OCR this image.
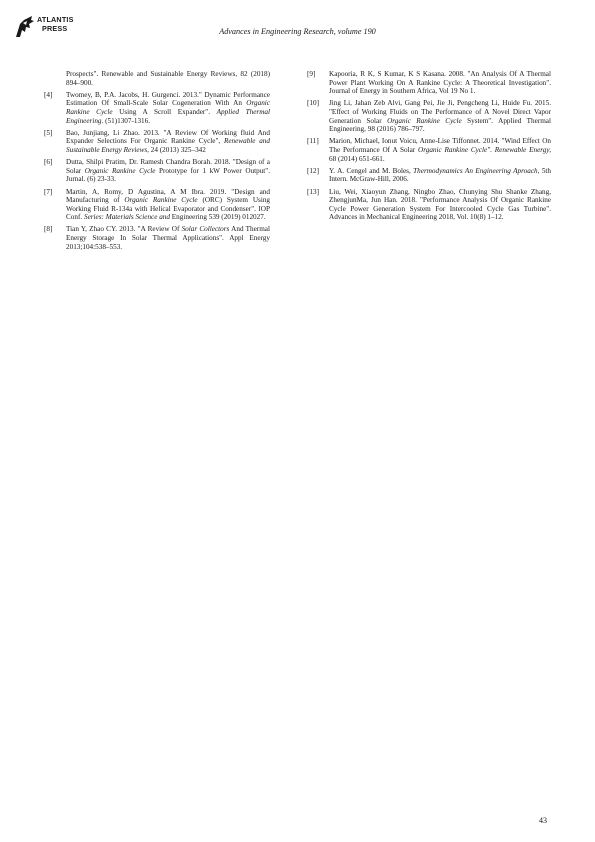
ATLANTIS
PRESS	Advances in Engineering Research, volume 190
Prospects". Renewable and Sustainable Energy Reviews, 82 (2018) 894–900.
[4] Twomey, B, P.A. Jacobs, H. Gurgenci. 2013." Dynamic Performance Estimation Of Small-Scale Solar Cogeneration With An Organic Rankine Cycle Using A Scroll Expander". Applied Thermal Engineering. (51)1307-1316.
[5] Bao, Junjiang, Li Zhao. 2013. "A Review Of Working fluid And Expander Selections For Organic Rankine Cycle", Renewable and Sustainable Energy Reviews, 24 (2013) 325–342
[6] Dutta, Shilpi Pratim, Dr. Ramesh Chandra Borah. 2018. "Design of a Solar Organic Rankine Cycle Prototype for 1 kW Power Output". Jurnal. (6) 23-33.
[7] Martin, A, Romy, D Agustina, A M Ibra. 2019. "Design and Manufacturing of Organic Rankine Cycle (ORC) System Using Working Fluid R-134a with Helical Evaporator and Condenser". IOP Conf. Series: Materials Science and Engineering 539 (2019) 012027.
[8] Tian Y, Zhao CY. 2013. "A Review Of Solar Collectors And Thermal Energy Storage In Solar Thermal Applications". Appl Energy 2013;104:538–553.
[9] Kapooria, R K, S Kumar, K S Kasana. 2008. "An Analysis Of A Thermal Power Plant Working On A Rankine Cycle: A Theoretical Investigation". Journal of Energy in Southern Africa, Vol 19 No 1.
[10] Jing Li, Jahan Zeb Alvi, Gang Pei, Jie Ji, Pengcheng Li, Huide Fu. 2015. "Effect of Working Fluids on The Performance of A Novel Direct Vapor Generation Solar Organic Rankine Cycle System". Applied Thermal Engineering, 98 (2016) 786–797.
[11] Marion, Michael, Ionut Voicu, Anne-Lise Tiffonnet. 2014. "Wind Effect On The Performance Of A Solar Organic Rankine Cycle". Renewable Energy, 68 (2014) 651-661.
[12] Y. A. Cengel and M. Boles, Thermodynamics An Engineering Aproach, 5th Intern. McGraw-Hill, 2006.
[13] Liu, Wei, Xiaoyun Zhang, Ningbo Zhao, Chunying Shu Shanke Zhang, ZhengjunMa, Jun Han. 2018. "Performance Analysis Of Organic Rankine Cycle Power Generation System For Intercooled Cycle Gas Turbine". Advances in Mechanical Engineering 2018, Vol. 10(8) 1–12.
43
